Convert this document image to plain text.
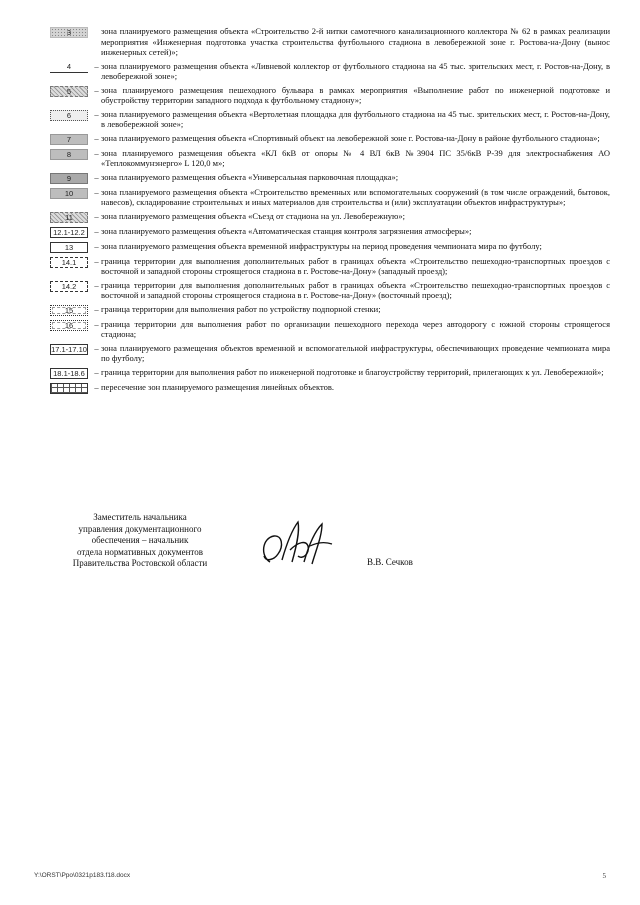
3	зона планируемого размещения объекта «Строительство 2-й нитки самотечного канализационного коллектора № 62 в рамках реализации мероприятия «Инженерная подготовка участка строительства футбольного стадиона в левобережной зоне г. Ростова-на-Дону (вынос инженерных сетей)»;
4	– зона планируемого размещения объекта «Ливневой коллектор от футбольного стадиона на 45 тыс. зрительских мест, г. Ростов-на-Дону, в левобережной зоне»;
5	– зона планируемого размещения пешеходного бульвара в рамках мероприятия «Выполнение работ по инженерной подготовке и обустройству территории западного подхода к футбольному стадиону»;
6	– зона планируемого размещения объекта «Вертолетная площадка для футбольного стадиона на 45 тыс. зрительских мест, г. Ростов-на-Дону, в левобережной зоне»;
7	– зона планируемого размещения объекта «Спортивный объект на левобережной зоне г. Ростова-на-Дону в районе футбольного стадиона»;
8	– зона планируемого размещения объекта «КЛ 6кВ от опоры № 4 ВЛ 6кВ №3904 ПС 35/6кВ Р-39 для электроснабжения АО «Теплокоммунэнерго» L 120,0 м»;
9	– зона планируемого размещения объекта «Универсальная парковочная площадка»;
10	– зона планируемого размещения объекта «Строительство временных или вспомогательных сооружений (в том числе ограждений, бытовок, навесов), складирование строительных и иных материалов для строительства и (или) эксплуатации объектов инфраструктуры»;
11	– зона планируемого размещения объекта «Съезд от стадиона на ул. Левобережную»;
12.1-12.2	– зона планируемого размещения объекта «Автоматическая станция контроля загрязнения атмосферы»;
13	– зона планируемого размещения объекта временной инфраструктуры на период проведения чемпионата мира по футболу;
14.1	– граница территории для выполнения дополнительных работ в границах объекта «Строительство пешеходно-транспортных проездов с восточной и западной стороны строящегося стадиона в г. Ростове-на-Дону» (западный проезд);
14.2	– граница территории для выполнения дополнительных работ в границах объекта «Строительство пешеходно-транспортных проездов с восточной и западной стороны строящегося стадиона в г. Ростове-на-Дону» (восточный проезд);
15	– граница территории для выполнения работ по устройству подпорной стенки;
16	– граница территории для выполнения работ по организации пешеходного перехода через автодорогу с южной стороны строящегося стадиона;
17.1-17.10 – зона планируемого размещения объектов временной и вспомогательной инфраструктуры, обеспечивающих проведение чемпионата мира по футболу;
18.1-18.6	– граница территории для выполнения работ по инженерной подготовке и благоустройству территорий, прилегающих к ул. Левобережной»;
– пересечение зон планируемого размещения линейных объектов.
Заместитель начальника
управления документационного
обеспечения – начальник
отдела нормативных документов
Правительства Ростовской области	В.В. Сечков
Y:\ORST\Ppo\0321p183.f18.docx	5
